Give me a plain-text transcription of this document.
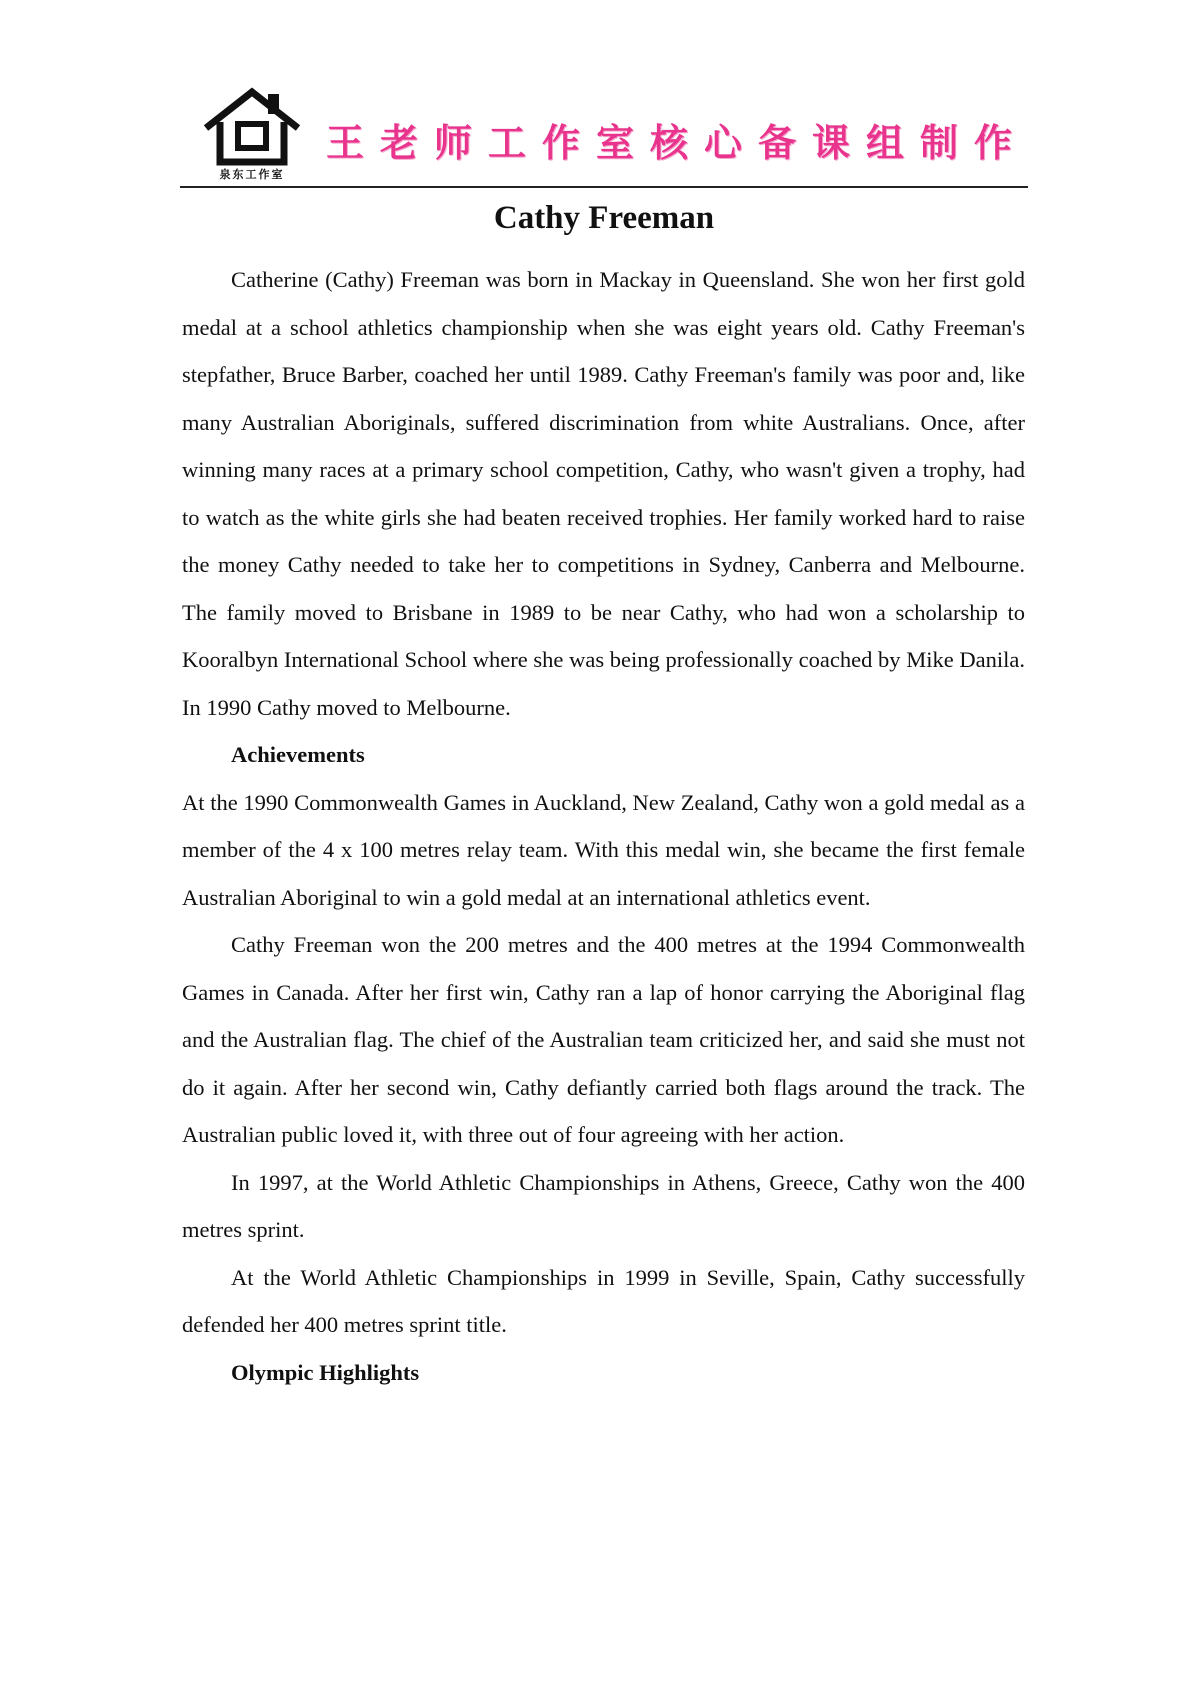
泉东工作室
王老师工作室核心备课组制作
Cathy Freeman

Catherine (Cathy) Freeman was born in Mackay in Queensland. She won her first gold medal at a school athletics championship when she was eight years old. Cathy Freeman's stepfather, Bruce Barber, coached her until 1989. Cathy Freeman's family was poor and, like many Australian Aboriginals, suffered discrimination from white Australians. Once, after winning many races at a primary school competition, Cathy, who wasn't given a trophy, had to watch as the white girls she had beaten received trophies. Her family worked hard to raise the money Cathy needed to take her to competitions in Sydney, Canberra and Melbourne. The family moved to Brisbane in 1989 to be near Cathy, who had won a scholarship to Kooralbyn International School where she was being professionally coached by Mike Danila. In 1990 Cathy moved to Melbourne.

Achievements

At the 1990 Commonwealth Games in Auckland, New Zealand, Cathy won a gold medal as a member of the 4 x 100 metres relay team. With this medal win, she became the first female Australian Aboriginal to win a gold medal at an international athletics event.

Cathy Freeman won the 200 metres and the 400 metres at the 1994 Commonwealth Games in Canada. After her first win, Cathy ran a lap of honor carrying the Aboriginal flag and the Australian flag. The chief of the Australian team criticized her, and said she must not do it again. After her second win, Cathy defiantly carried both flags around the track. The Australian public loved it, with three out of four agreeing with her action.

In 1997, at the World Athletic Championships in Athens, Greece, Cathy won the 400 metres sprint.

At the World Athletic Championships in 1999 in Seville, Spain, Cathy successfully defended her 400 metres sprint title.

Olympic Highlights
